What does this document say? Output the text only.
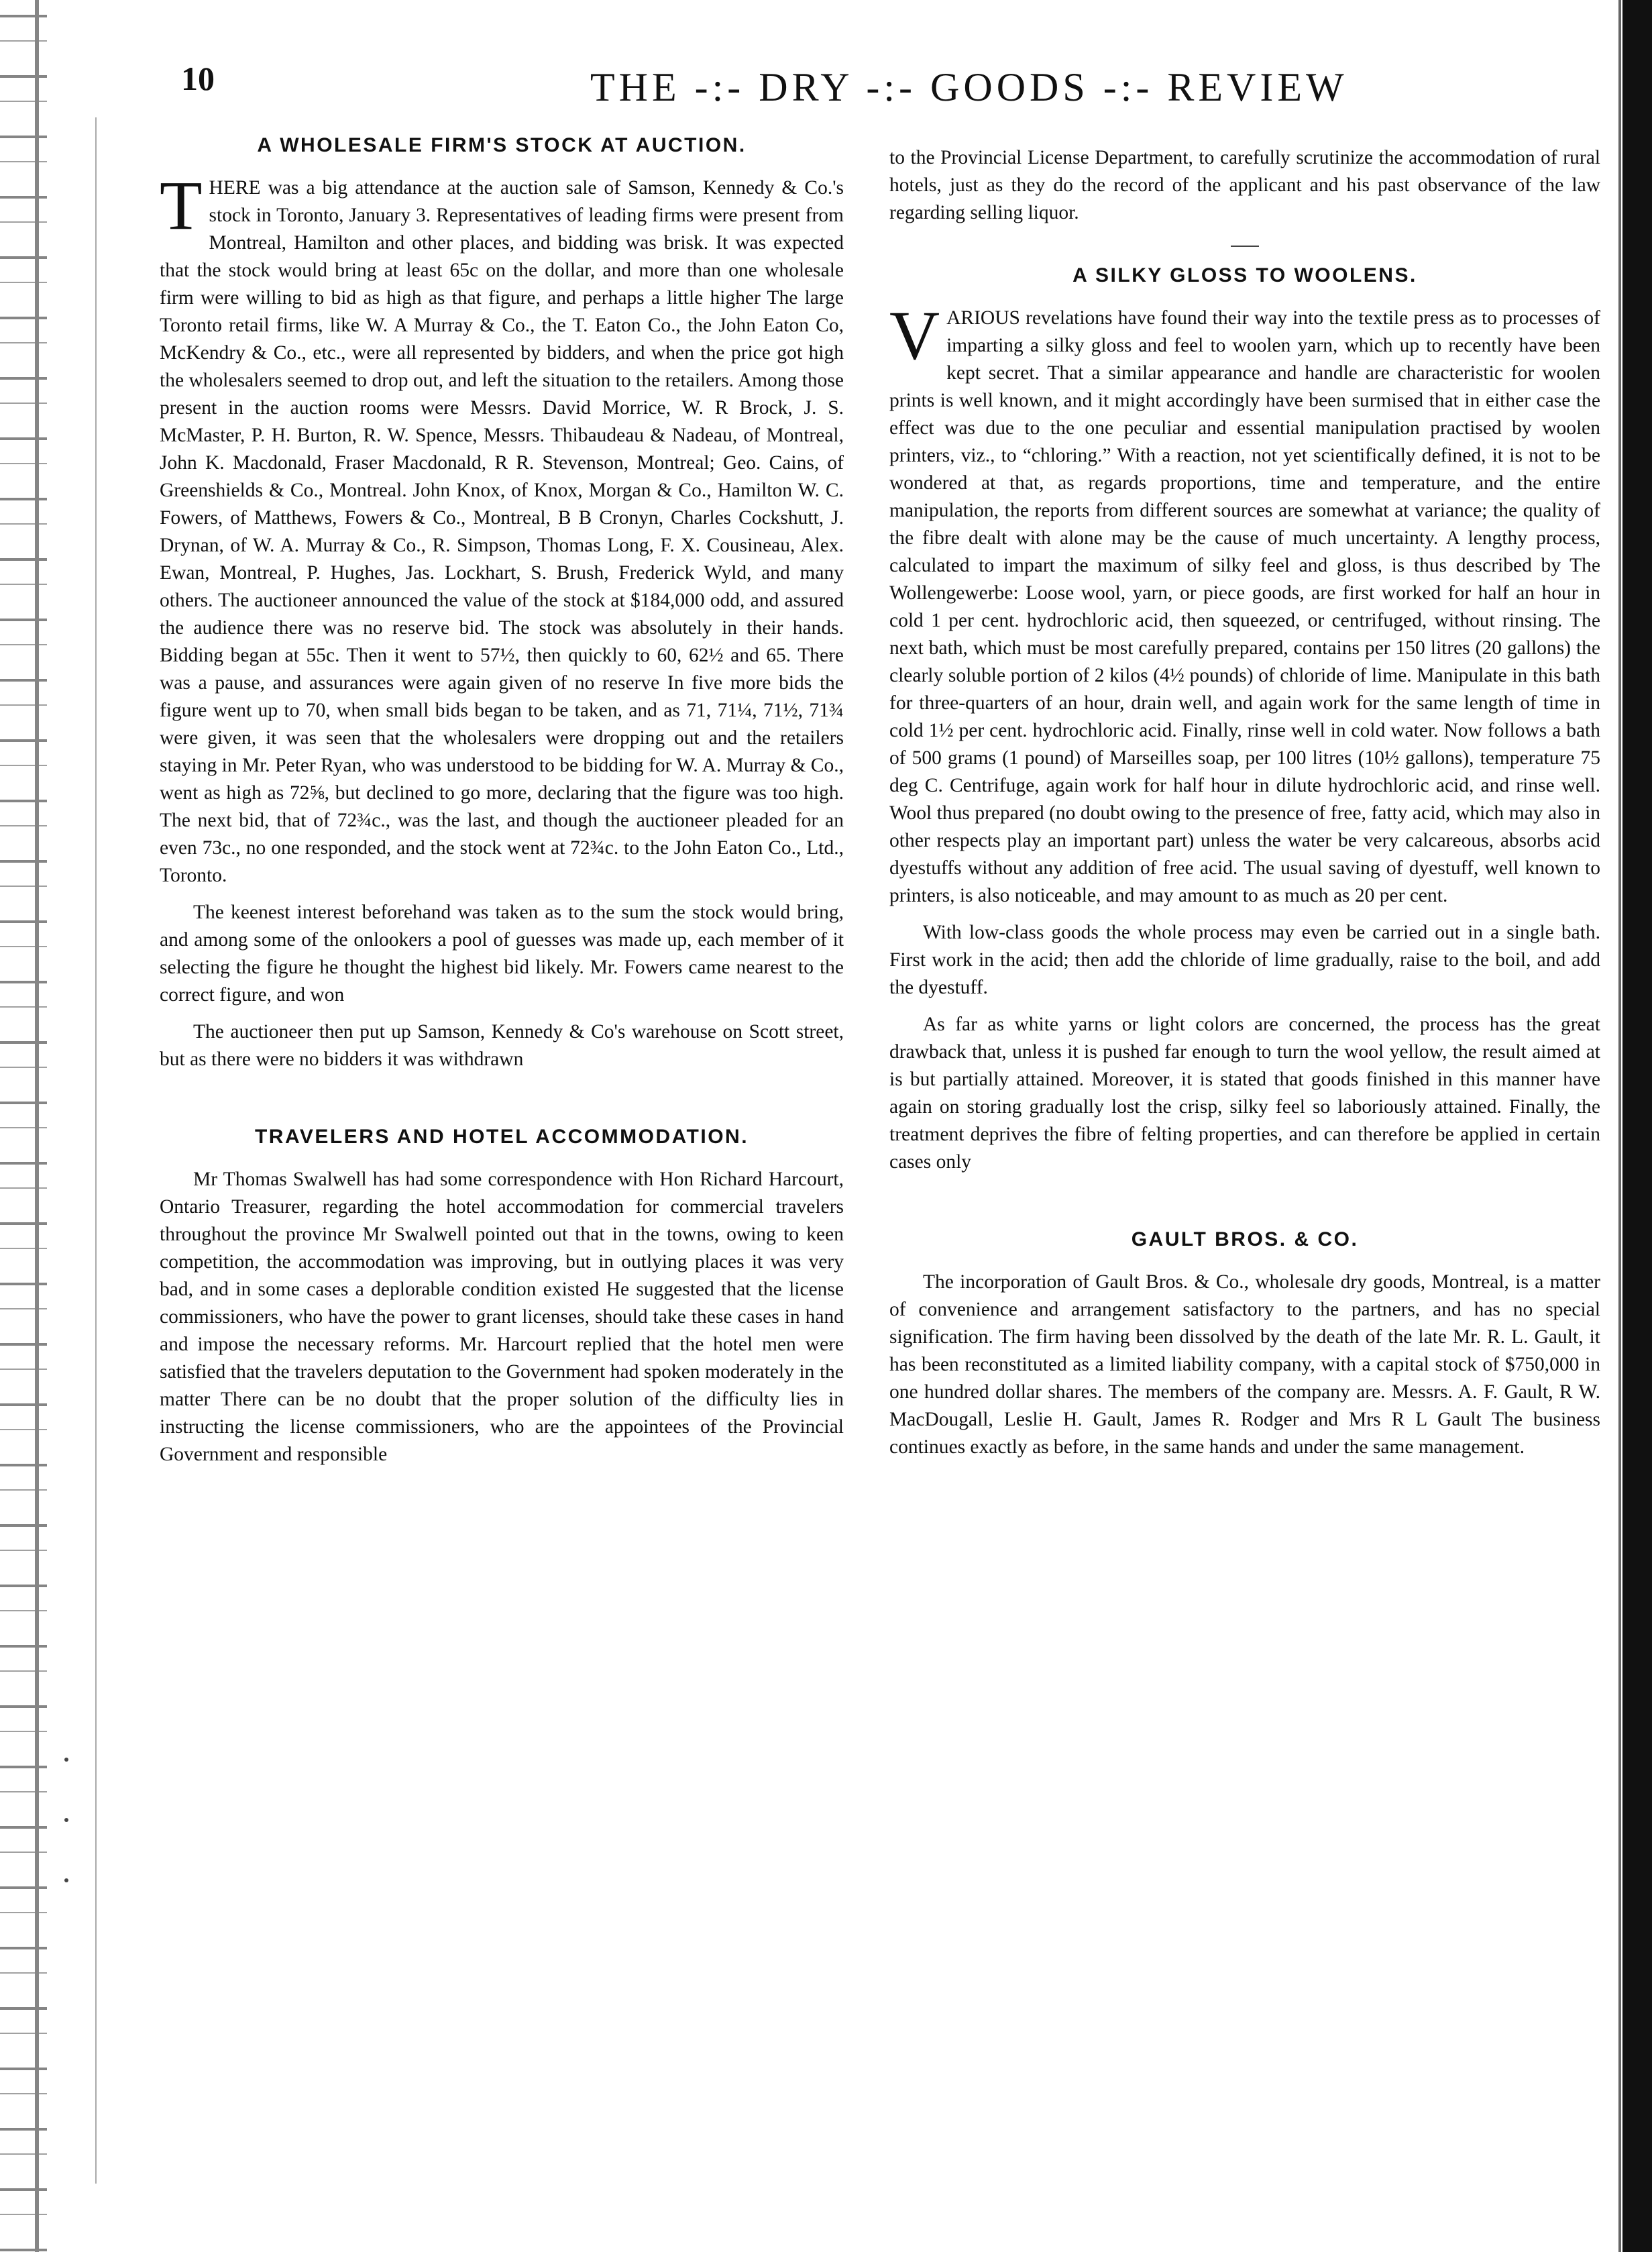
10	THE -:- DRY -:- GOODS -:- REVIEW
A WHOLESALE FIRM'S STOCK AT AUCTION.

THERE was a big attendance at the auction sale of Samson, Kennedy & Co.'s stock in Toronto, January 3. Representatives of leading firms were present from Montreal, Hamilton and other places, and bidding was brisk. It was expected that the stock would bring at least 65c on the dollar, and more than one wholesale firm were willing to bid as high as that figure, and perhaps a little higher The large Toronto retail firms, like W. A Murray & Co., the T. Eaton Co., the John Eaton Co, McKendry & Co., etc., were all represented by bidders, and when the price got high the wholesalers seemed to drop out, and left the situation to the retailers. Among those present in the auction rooms were Messrs. David Morrice, W. R Brock, J. S. McMaster, P. H. Burton, R. W. Spence, Messrs. Thibaudeau & Nadeau, of Montreal, John K. Macdonald, Fraser Macdonald, R R. Stevenson, Montreal; Geo. Cains, of Greenshields & Co., Montreal. John Knox, of Knox, Morgan & Co., Hamilton W. C. Fowers, of Matthews, Fowers & Co., Montreal, B B Cronyn, Charles Cockshutt, J. Drynan, of W. A. Murray & Co., R. Simpson, Thomas Long, F. X. Cousineau, Alex. Ewan, Montreal, P. Hughes, Jas. Lockhart, S. Brush, Frederick Wyld, and many others. The auctioneer announced the value of the stock at $184,000 odd, and assured the audience there was no reserve bid. The stock was absolutely in their hands. Bidding began at 55c. Then it went to 57½, then quickly to 60, 62½ and 65. There was a pause, and assurances were again given of no reserve In five more bids the figure went up to 70, when small bids began to be taken, and as 71, 71¼, 71½, 71¾ were given, it was seen that the wholesalers were dropping out and the retailers staying in Mr. Peter Ryan, who was understood to be bidding for W. A. Murray & Co., went as high as 72⅝, but declined to go more, declaring that the figure was too high. The next bid, that of 72¾c., was the last, and though the auctioneer pleaded for an even 73c., no one responded, and the stock went at 72¾c. to the John Eaton Co., Ltd., Toronto.

The keenest interest beforehand was taken as to the sum the stock would bring, and among some of the onlookers a pool of guesses was made up, each member of it selecting the figure he thought the highest bid likely. Mr. Fowers came nearest to the correct figure, and won

The auctioneer then put up Samson, Kennedy & Co's warehouse on Scott street, but as there were no bidders it was withdrawn

TRAVELERS AND HOTEL ACCOMMODATION.

Mr Thomas Swalwell has had some correspondence with Hon Richard Harcourt, Ontario Treasurer, regarding the hotel accommodation for commercial travelers throughout the province Mr Swalwell pointed out that in the towns, owing to keen competition, the accommodation was improving, but in outlying places it was very bad, and in some cases a deplorable condition existed He suggested that the license commissioners, who have the power to grant licenses, should take these cases in hand and impose the necessary reforms. Mr. Harcourt replied that the hotel men were satisfied that the travelers deputation to the Government had spoken moderately in the matter There can be no doubt that the proper solution of the difficulty lies in instructing the license commissioners, who are the appointees of the Provincial Government and responsible

to the Provincial License Department, to carefully scrutinize the accommodation of rural hotels, just as they do the record of the applicant and his past observance of the law regarding selling liquor.

A SILKY GLOSS TO WOOLENS.

VARIOUS revelations have found their way into the textile press as to processes of imparting a silky gloss and feel to woolen yarn, which up to recently have been kept secret. That a similar appearance and handle are characteristic for woolen prints is well known, and it might accordingly have been surmised that in either case the effect was due to the one peculiar and essential manipulation practised by woolen printers, viz., to “chloring.” With a reaction, not yet scientifically defined, it is not to be wondered at that, as regards proportions, time and temperature, and the entire manipulation, the reports from different sources are somewhat at variance; the quality of the fibre dealt with alone may be the cause of much uncertainty. A lengthy process, calculated to impart the maximum of silky feel and gloss, is thus described by The Wollengewerbe: Loose wool, yarn, or piece goods, are first worked for half an hour in cold 1 per cent. hydrochloric acid, then squeezed, or centrifuged, without rinsing. The next bath, which must be most carefully prepared, contains per 150 litres (20 gallons) the clearly soluble portion of 2 kilos (4½ pounds) of chloride of lime. Manipulate in this bath for three-quarters of an hour, drain well, and again work for the same length of time in cold 1½ per cent. hydrochloric acid. Finally, rinse well in cold water. Now follows a bath of 500 grams (1 pound) of Marseilles soap, per 100 litres (10½ gallons), temperature 75 deg C. Centrifuge, again work for half hour in dilute hydrochloric acid, and rinse well. Wool thus prepared (no doubt owing to the presence of free, fatty acid, which may also in other respects play an important part) unless the water be very calcareous, absorbs acid dyestuffs without any addition of free acid. The usual saving of dyestuff, well known to printers, is also noticeable, and may amount to as much as 20 per cent.

With low-class goods the whole process may even be carried out in a single bath. First work in the acid; then add the chloride of lime gradually, raise to the boil, and add the dyestuff.

As far as white yarns or light colors are concerned, the process has the great drawback that, unless it is pushed far enough to turn the wool yellow, the result aimed at is but partially attained. Moreover, it is stated that goods finished in this manner have again on storing gradually lost the crisp, silky feel so laboriously attained. Finally, the treatment deprives the fibre of felting properties, and can therefore be applied in certain cases only

GAULT BROS. & CO.

The incorporation of Gault Bros. & Co., wholesale dry goods, Montreal, is a matter of convenience and arrangement satisfactory to the partners, and has no special signification. The firm having been dissolved by the death of the late Mr. R. L. Gault, it has been reconstituted as a limited liability company, with a capital stock of $750,000 in one hundred dollar shares. The members of the company are. Messrs. A. F. Gault, R W. MacDougall, Leslie H. Gault, James R. Rodger and Mrs R L Gault The business continues exactly as before, in the same hands and under the same management.
